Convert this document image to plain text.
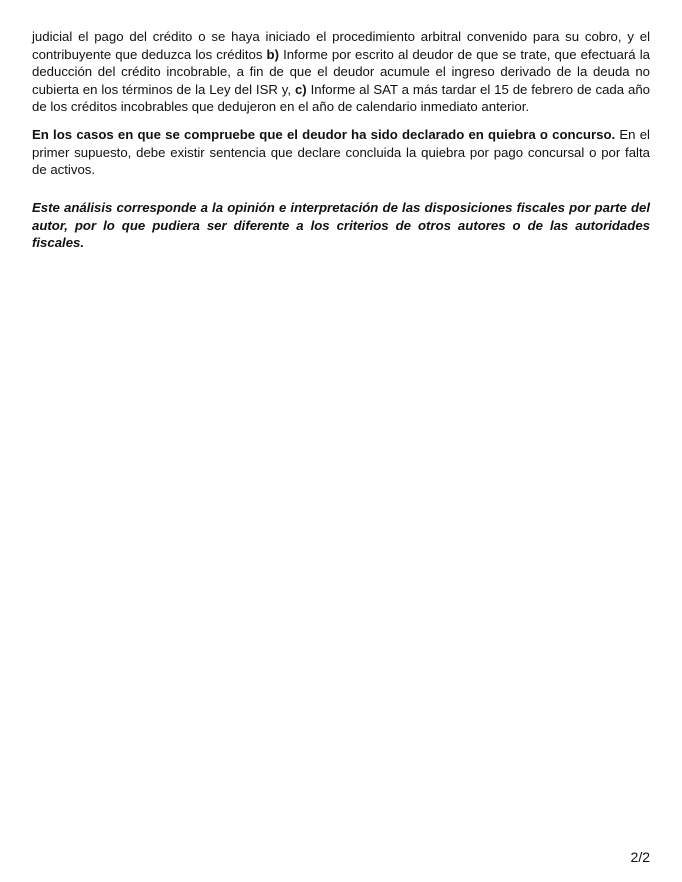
judicial el pago del crédito o se haya iniciado el procedimiento arbitral convenido para su cobro, y el contribuyente que deduzca los créditos b) Informe por escrito al deudor de que se trate, que efectuará la deducción del crédito incobrable, a fin de que el deudor acumule el ingreso derivado de la deuda no cubierta en los términos de la Ley del ISR y, c) Informe al SAT a más tardar el 15 de febrero de cada año de los créditos incobrables que dedujeron en el año de calendario inmediato anterior.

En los casos en que se compruebe que el deudor ha sido declarado en quiebra o concurso. En el primer supuesto, debe existir sentencia que declare concluida la quiebra por pago concursal o por falta de activos.

Este análisis corresponde a la opinión e interpretación de las disposiciones fiscales por parte del autor, por lo que pudiera ser diferente a los criterios de otros autores o de las autoridades fiscales.

2/2
